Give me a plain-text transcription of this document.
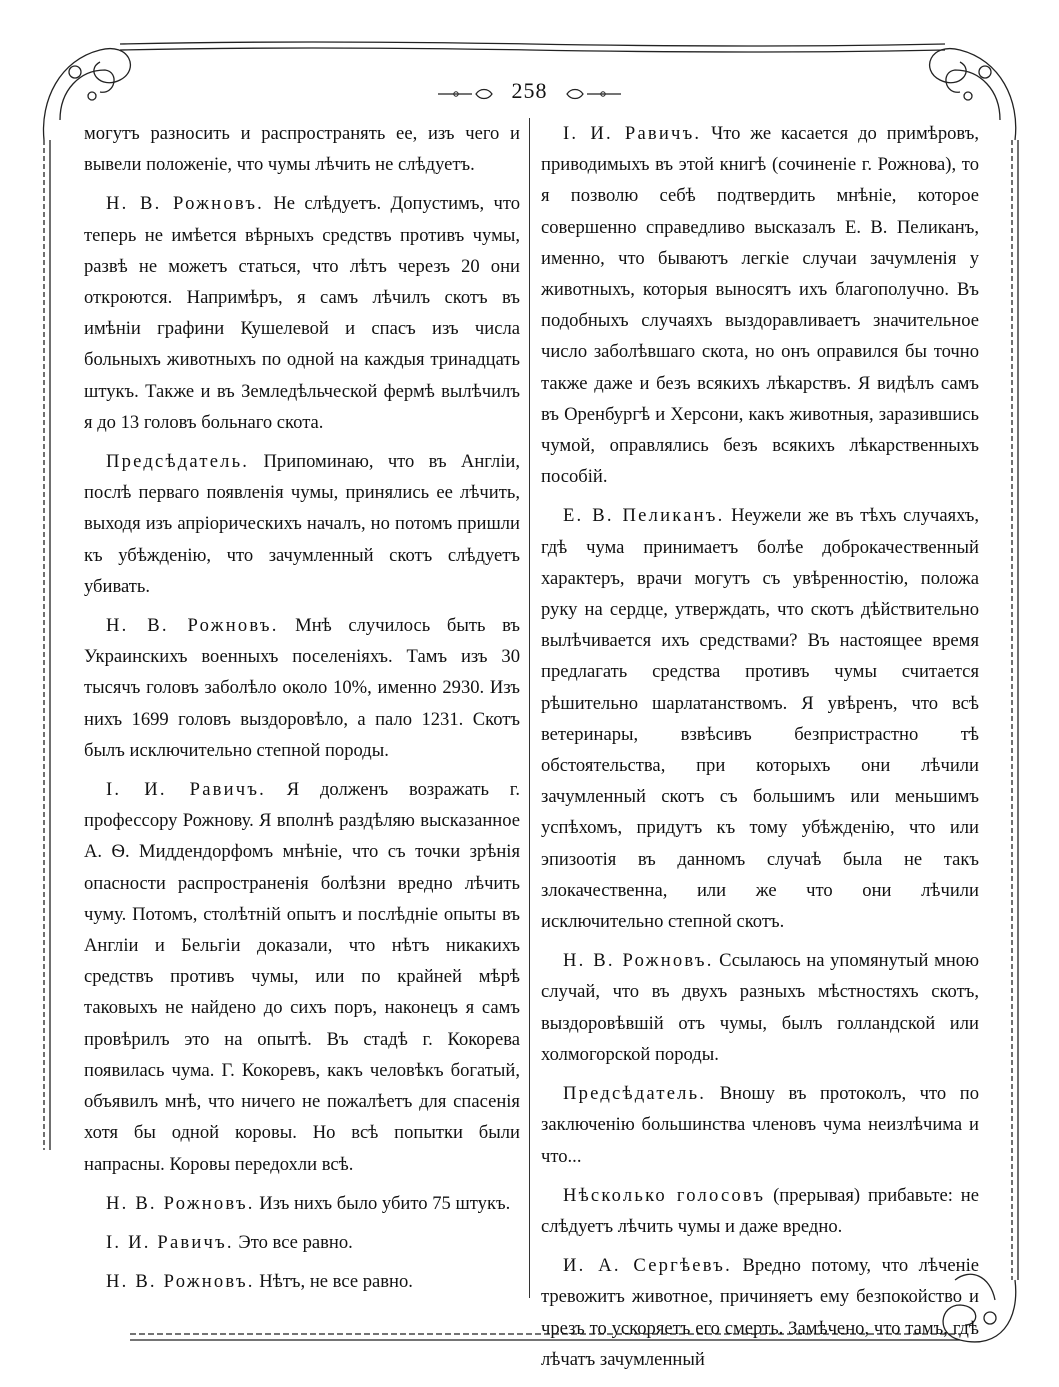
258

могутъ разносить и распространять ее, изъ чего и вывели положеніе, что чумы лѣчить не слѣдуетъ.

Н. В. Рожновъ. Не слѣдуетъ. Допустимъ, что теперь не имѣется вѣрныхъ средствъ противъ чумы, развѣ не можетъ статься, что лѣтъ черезъ 20 они откроются. Напримѣръ, я самъ лѣчилъ скотъ въ имѣніи графини Кушелевой и спасъ изъ числа больныхъ животныхъ по одной на каждыя тринадцать штукъ. Также и въ Земледѣльческой фермѣ вылѣчилъ я до 13 головъ больнаго скота.

Предсѣдатель. Припоминаю, что въ Англіи, послѣ перваго появленія чумы, принялись ее лѣчить, выходя изъ апріорическихъ началъ, но потомъ пришли къ убѣжденію, что зачумленный скотъ слѣдуетъ убивать.

Н. В. Рожновъ. Мнѣ случилось быть въ Украинскихъ военныхъ поселеніяхъ. Тамъ изъ 30 тысячъ головъ заболѣло около 10%, именно 2930. Изъ нихъ 1699 головъ выздоровѣло, а пало 1231. Скотъ былъ исключительно степной породы.

І. И. Равичъ. Я долженъ возражать г. профессору Рожнову. Я вполнѣ раздѣляю высказанное А. Ѳ. Миддендорфомъ мнѣніе, что съ точки зрѣнія опасности распространенія болѣзни вредно лѣчить чуму. Потомъ, столѣтній опытъ и послѣдніе опыты въ Англіи и Бельгіи доказали, что нѣтъ никакихъ средствъ противъ чумы, или по крайней мѣрѣ таковыхъ не найдено до сихъ поръ, наконецъ я самъ провѣрилъ это на опытѣ. Въ стадѣ г. Кокорева появилась чума. Г. Кокоревъ, какъ человѣкъ богатый, объявилъ мнѣ, что ничего не пожалѣетъ для спасенія хотя бы одной коровы. Но всѣ попытки были напрасны. Коровы передохли всѣ.

Н. В. Рожновъ. Изъ нихъ было убито 75 штукъ.

І. И. Равичъ. Это все равно.

Н. В. Рожновъ. Нѣтъ, не все равно.

І. И. Равичъ. Что же касается до примѣровъ, приводимыхъ въ этой книгѣ (сочиненіе г. Рожнова), то я позволю себѣ подтвердить мнѣніе, которое совершенно справедливо высказалъ Е. В. Пеликанъ, именно, что бываютъ легкіе случаи зачумленія у животныхъ, которыя выносятъ ихъ благополучно. Въ подобныхъ случаяхъ выздоравливаетъ значительное число заболѣвшаго скота, но онъ оправился бы точно также даже и безъ всякихъ лѣкарствъ. Я видѣлъ самъ въ Оренбургѣ и Херсони, какъ животныя, заразившись чумой, оправлялись безъ всякихъ лѣкарственныхъ пособій.

Е. В. Пеликанъ. Неужели же въ тѣхъ случаяхъ, гдѣ чума принимаетъ болѣе доброкачественный характеръ, врачи могутъ съ увѣренностію, положа руку на сердце, утверждать, что скотъ дѣйствительно вылѣчивается ихъ средствами? Въ настоящее время предлагать средства противъ чумы считается рѣшительно шарлатанствомъ. Я увѣренъ, что всѣ ветеринары, взвѣсивъ безпристрастно тѣ обстоятельства, при которыхъ они лѣчили зачумленный скотъ съ большимъ или меньшимъ успѣхомъ, придутъ къ тому убѣжденію, что или эпизоотія въ данномъ случаѣ была не такъ злокачественна, или же что они лѣчили исключительно степной скотъ.

Н. В. Рожновъ. Ссылаюсь на упомянутый мною случай, что въ двухъ разныхъ мѣстностяхъ скотъ, выздоровѣвшій отъ чумы, былъ голландской или холмогорской породы.

Предсѣдатель. Вношу въ протоколъ, что по заключенію большинства членовъ чума неизлѣчима и что...

Нѣсколько голосовъ (прерывая) прибавьте: не слѣдуетъ лѣчить чумы и даже вредно.

И. А. Сергѣевъ. Вредно потому, что лѣченіе тревожитъ животное, причиняетъ ему безпокойство и чрезъ то ускоряетъ его смерть. Замѣчено, что тамъ, гдѣ лѣчатъ зачумленный
